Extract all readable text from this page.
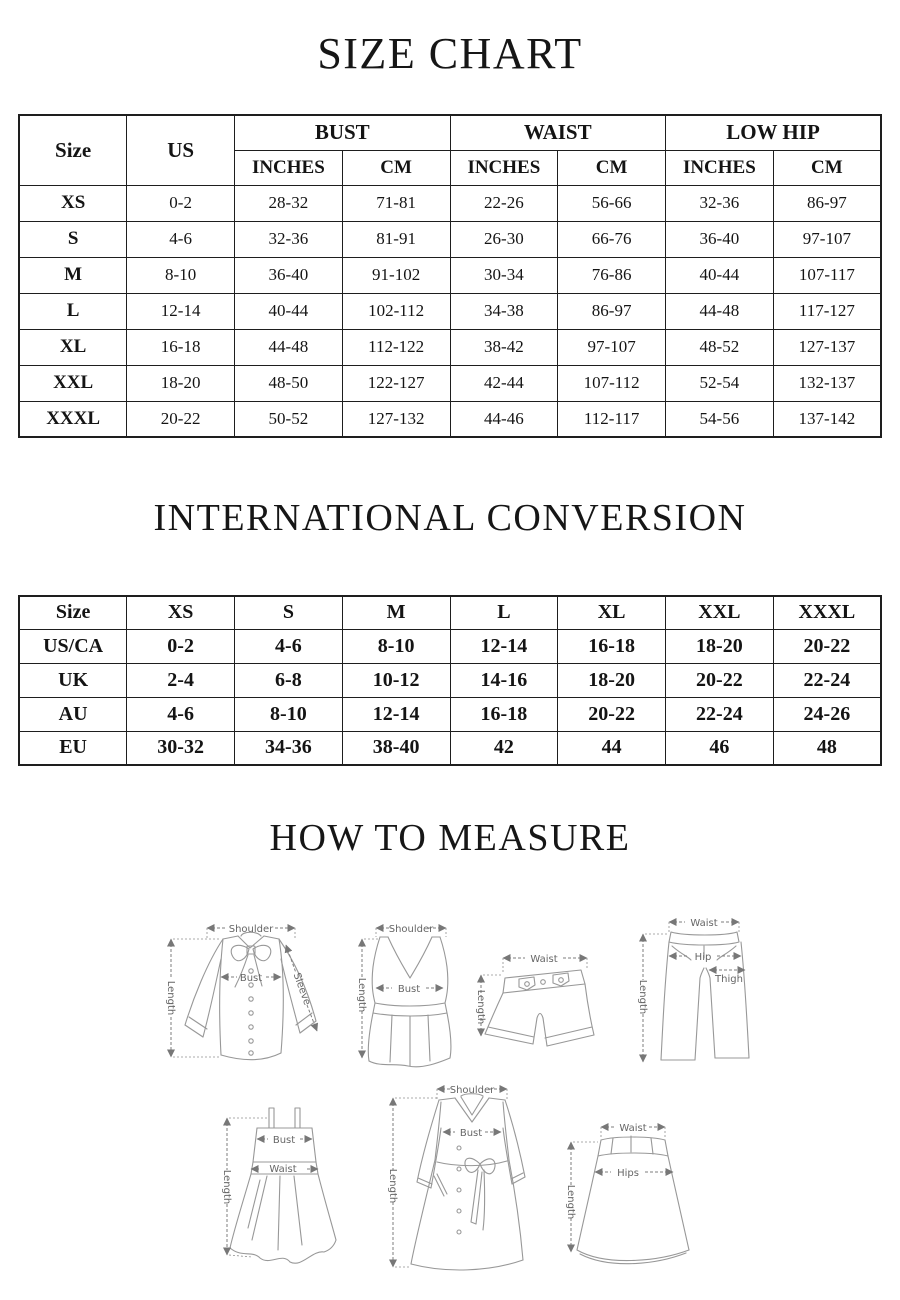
SIZE CHART
Size	US	BUST		WAIST		LOW HIP	
		INCHES	CM	INCHES	CM	INCHES	CM
XS	0-2	28-32	71-81	22-26	56-66	32-36	86-97
S	4-6	32-36	81-91	26-30	66-76	36-40	97-107
M	8-10	36-40	91-102	30-34	76-86	40-44	107-117
L	12-14	40-44	102-112	34-38	86-97	44-48	117-127
XL	16-18	44-48	112-122	38-42	97-107	48-52	127-137
XXL	18-20	48-50	122-127	42-44	107-112	52-54	132-137
XXXL	20-22	50-52	127-132	44-46	112-117	54-56	137-142
INTERNATIONAL CONVERSION
Size	XS	S	M	L	XL	XXL	XXXL
US/CA	0-2	4-6	8-10	12-14	16-18	18-20	20-22
UK	2-4	6-8	10-12	14-16	18-20	20-22	22-24
AU	4-6	8-10	12-14	16-18	20-22	22-24	24-26
EU	30-32	34-36	38-40	42	44	46	48
HOW TO MEASURE
Shoulder
Length
Bust	Sleeve
Shoulder
Length	Bust
Waist
Length
Waist
Hip
Thigh
Length
Bust
Waist
Length
Shoulder
Bust
Length
Waist
Hips
Length
